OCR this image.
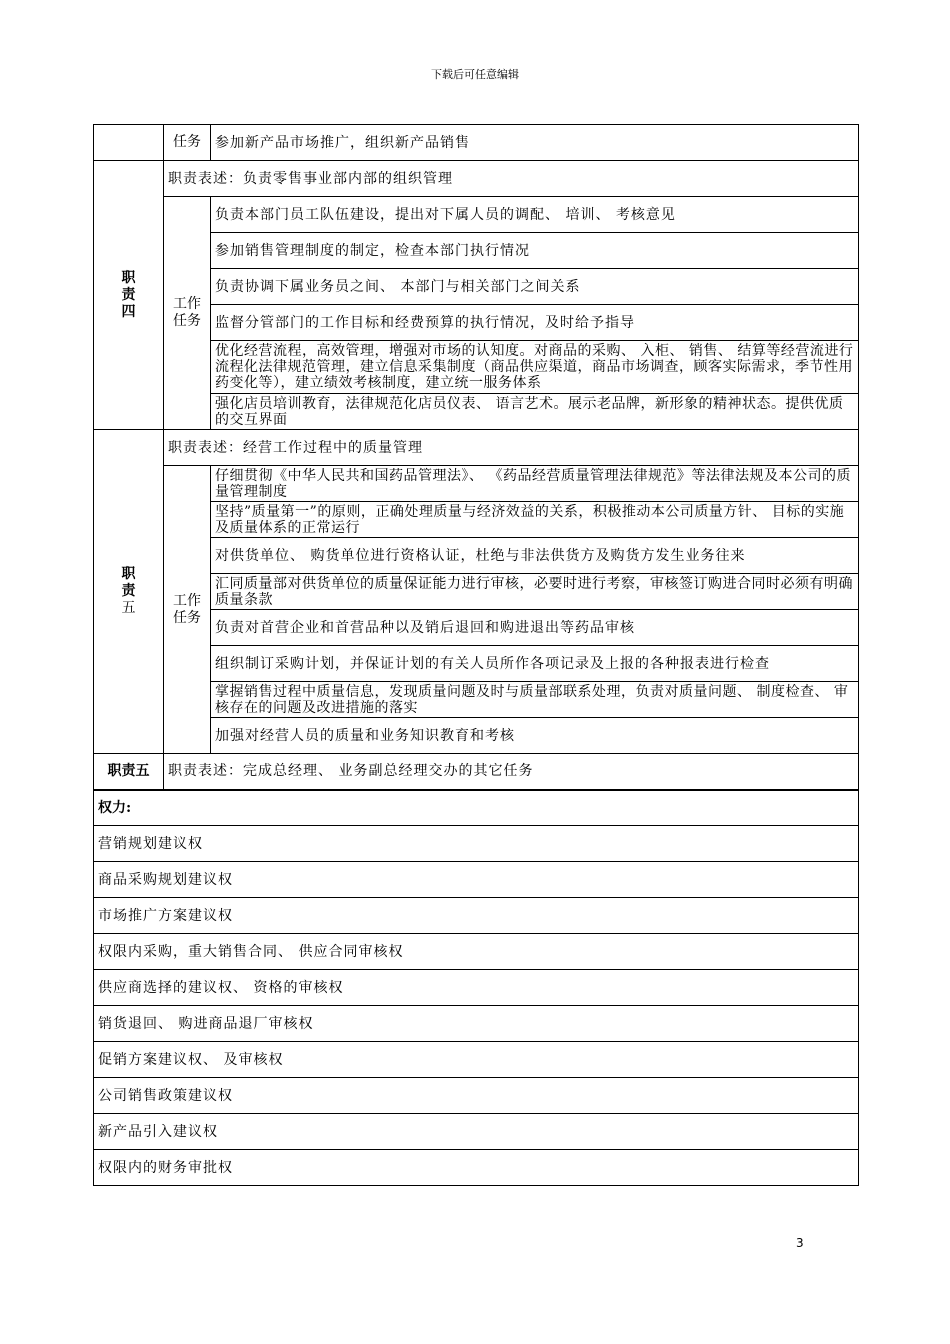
下载后可任意编辑
	任务	参加新产品市场推广，组织新产品销售

职
责
四	职责表述：负责零售事业部内部的组织管理	

	工作
任务	负责本部门员工队伍建设，提出对下属人员的调配、 培训、 考核意见
		参加销售管理制度的制定，检查本部门执行情况
		负责协调下属业务员之间、 本部门与相关部门之间关系
		监督分管部门的工作目标和经费预算的执行情况，及时给予指导
		优化经营流程，高效管理，增强对市场的认知度。对商品的采购、 入柜、 销售、 结算等经营流进行流程化法律规范管理，建立信息采集制度（商品供应渠道，商品市场调查，顾客实际需求，季节性用药变化等），建立绩效考核制度，建立统一服务体系
		强化店员培训教育，法律规范化店员仪表、 语言艺术。展示老品牌，新形象的精神状态。提供优质的交互界面

职
责
五	职责表述：经营工作过程中的质量管理	

	工作
任务	仔细贯彻《中华人民共和国药品管理法》、 《药品经营质量管理法律规范》等法律法规及本公司的质量管理制度
		坚持”质量第一”的原则，正确处理质量与经济效益的关系，积极推动本公司质量方针、 目标的实施及质量体系的正常运行
		对供货单位、 购货单位进行资格认证，杜绝与非法供货方及购货方发生业务往来
		汇同质量部对供货单位的质量保证能力进行审核，必要时进行考察，审核签订购进合同时必须有明确质量条款
		负责对首营企业和首营品种以及销后退回和购进退出等药品审核
		组织制订采购计划，并保证计划的有关人员所作各项记录及上报的各种报表进行检查
		掌握销售过程中质量信息，发现质量问题及时与质量部联系处理，负责对质量问题、 制度检查、 审核存在的问题及改进措施的落实
		加强对经营人员的质量和业务知识教育和考核
职责五	职责表述：完成总经理、 业务副总经理交办的其它任务	
权力:		
营销规划建议权		
商品采购规划建议权		
市场推广方案建议权		
权限内采购，重大销售合同、 供应合同审核权		
供应商选择的建议权、 资格的审核权		
销货退回、 购进商品退厂审核权		
促销方案建议权、 及审核权		
公司销售政策建议权		
新产品引入建议权		
权限内的财务审批权		
3
